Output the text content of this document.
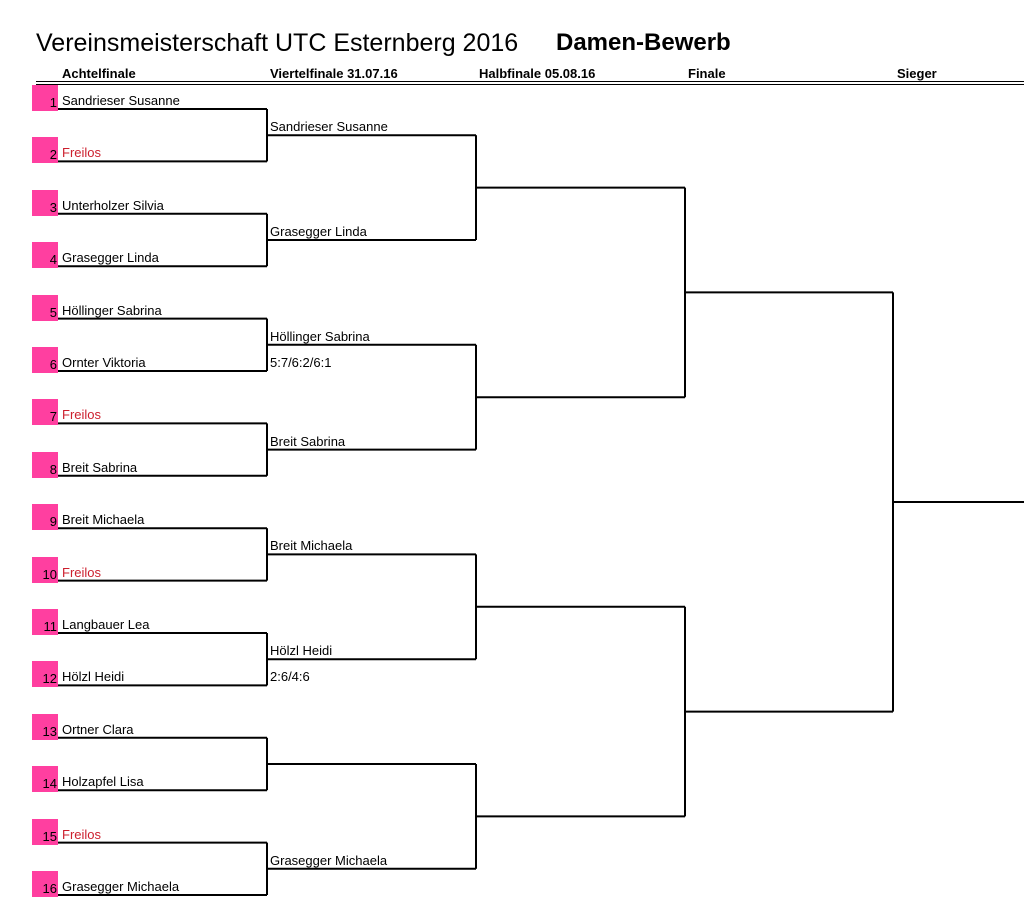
Vereinsmeisterschaft UTC Esternberg 2016 Damen-Bewerb
Achtelfinale	Viertelfinale 31.07.16	Halbfinale 05.08.16	Finale	Sieger
1 Sandrieser Susanne
2 Freilos
3 Unterholzer Silvia
4 Grasegger Linda
5 Höllinger Sabrina
6 Ornter Viktoria
7 Freilos
8 Breit Sabrina
9 Breit Michaela
10 Freilos
11 Langbauer Lea
12 Hölzl Heidi
13 Ortner Clara
14 Holzapfel Lisa
15 Freilos
16 Grasegger Michaela
Sandrieser Susanne
Grasegger Linda
Höllinger Sabrina
5:7/6:2/6:1
Breit Sabrina
Breit Michaela
Hölzl Heidi
2:6/4:6
Grasegger Michaela
